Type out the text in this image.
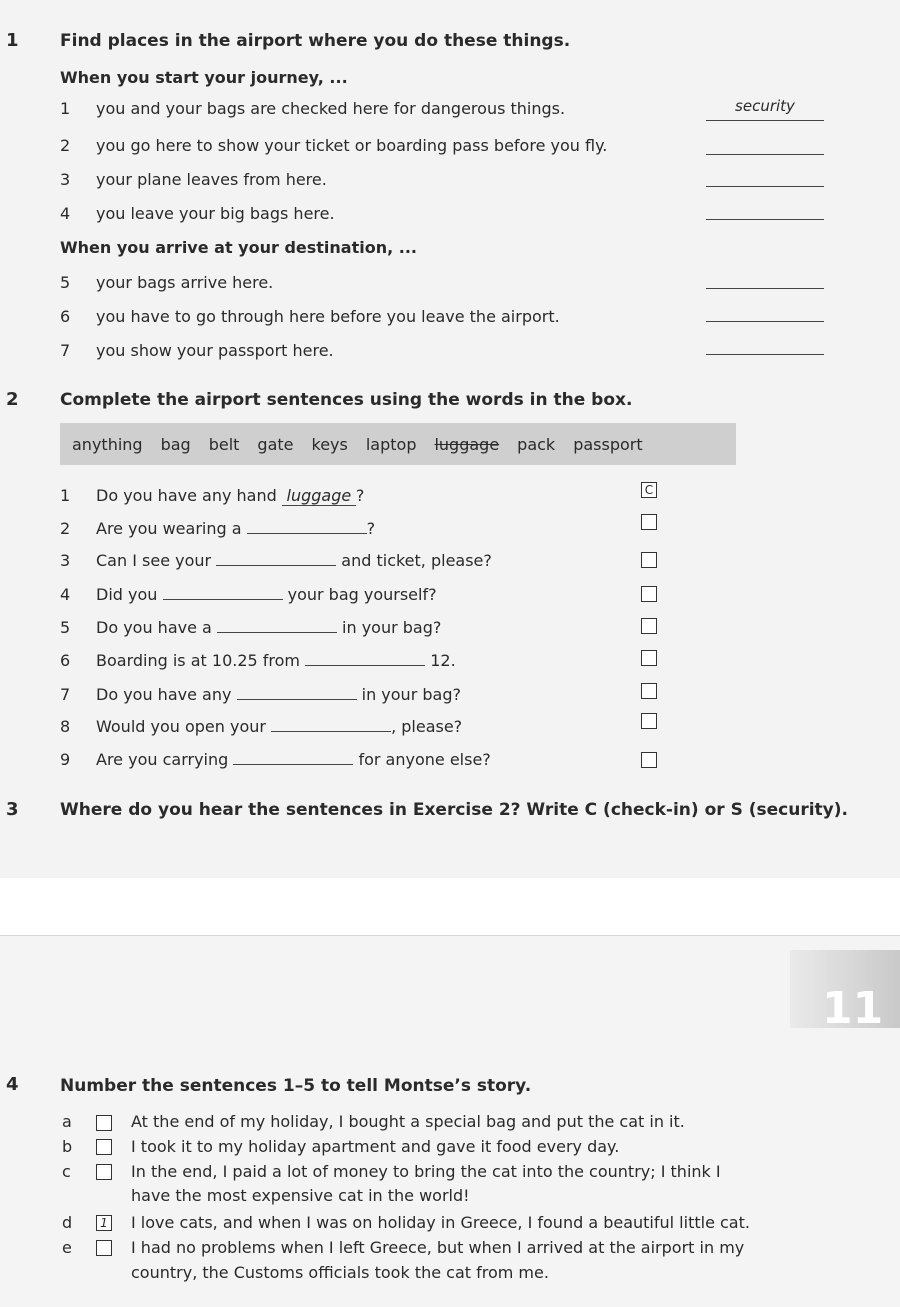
1 Find places in the airport where you do these things.
When you start your journey, ...
1 you and your bags are checked here for dangerous things.	security
2 you go here to show your ticket or boarding pass before you fly.
3 your plane leaves from here.
4 you leave your big bags here.
When you arrive at your destination, ...
5 your bags arrive here.
6 you have to go through here before you leave the airport.
7 you show your passport here.
2 Complete the airport sentences using the words in the box.
anything bag belt gate keys laptop luggage pack passport
1 Do you have any hand luggage ?	C
2 Are you wearing a	?
3 Can I see your	and ticket, please?
4 Did you	your bag yourself?
5 Do you have a	in your bag?
6 Boarding is at 10.25 from	12.
7 Do you have any	in your bag?
8 Would you open your	, please?
9 Are you carrying	for anyone else?
3 Where do you hear the sentences in Exercise 2? Write C (check-in) or S (security).
11
4 Number the sentences 1–5 to tell Montse’s story.
a	At the end of my holiday, I bought a special bag and put the cat in it.
b	I took it to my holiday apartment and gave it food every day.
c	In the end, I paid a lot of money to bring the cat into the country; I think I
have the most expensive cat in the world!
d	1 I love cats, and when I was on holiday in Greece, I found a beautiful little cat.
e	I had no problems when I left Greece, but when I arrived at the airport in my
country, the Customs officials took the cat from me.
